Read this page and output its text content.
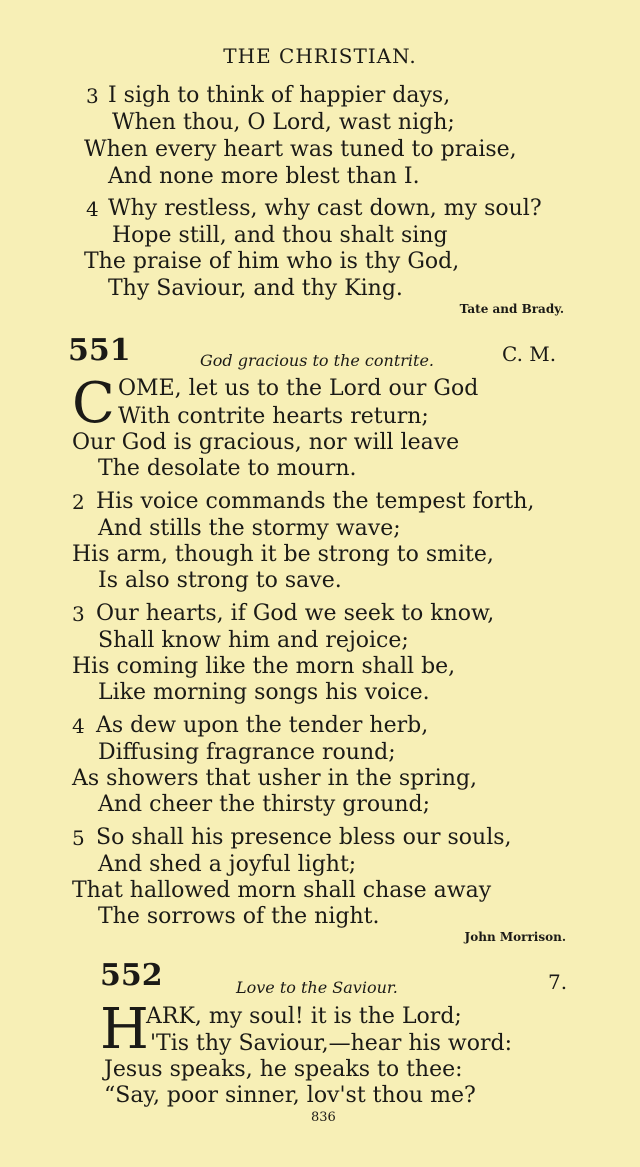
THE CHRISTIAN.
3 I sigh to think of happier days,
When thou, O Lord, wast nigh;
When every heart was tuned to praise,
And none more blest than I.
4 Why restless, why cast down, my soul?
Hope still, and thou shalt sing
The praise of him who is thy God,
Thy Saviour, and thy King.
Tate and Brady.
551	God gracious to the contrite.	C. M.
C OME, let us to the Lord our God
With contrite hearts return;
Our God is gracious, nor will leave
The desolate to mourn.
2 His voice commands the tempest forth,
And stills the stormy wave;
His arm, though it be strong to smite,
Is also strong to save.
3 Our hearts, if God we seek to know,
Shall know him and rejoice;
His coming like the morn shall be,
Like morning songs his voice.
4 As dew upon the tender herb,
Diffusing fragrance round;
As showers that usher in the spring,
And cheer the thirsty ground;
5 So shall his presence bless our souls,
And shed a joyful light;
That hallowed morn shall chase away
The sorrows of the night.
John Morrison.
552	Love to the Saviour.	7.
H
ARK, my soul! it is the Lord;
'Tis thy Saviour,—hear his word:
Jesus speaks, he speaks to thee:
“Say, poor sinner, lov'st thou me?
836
